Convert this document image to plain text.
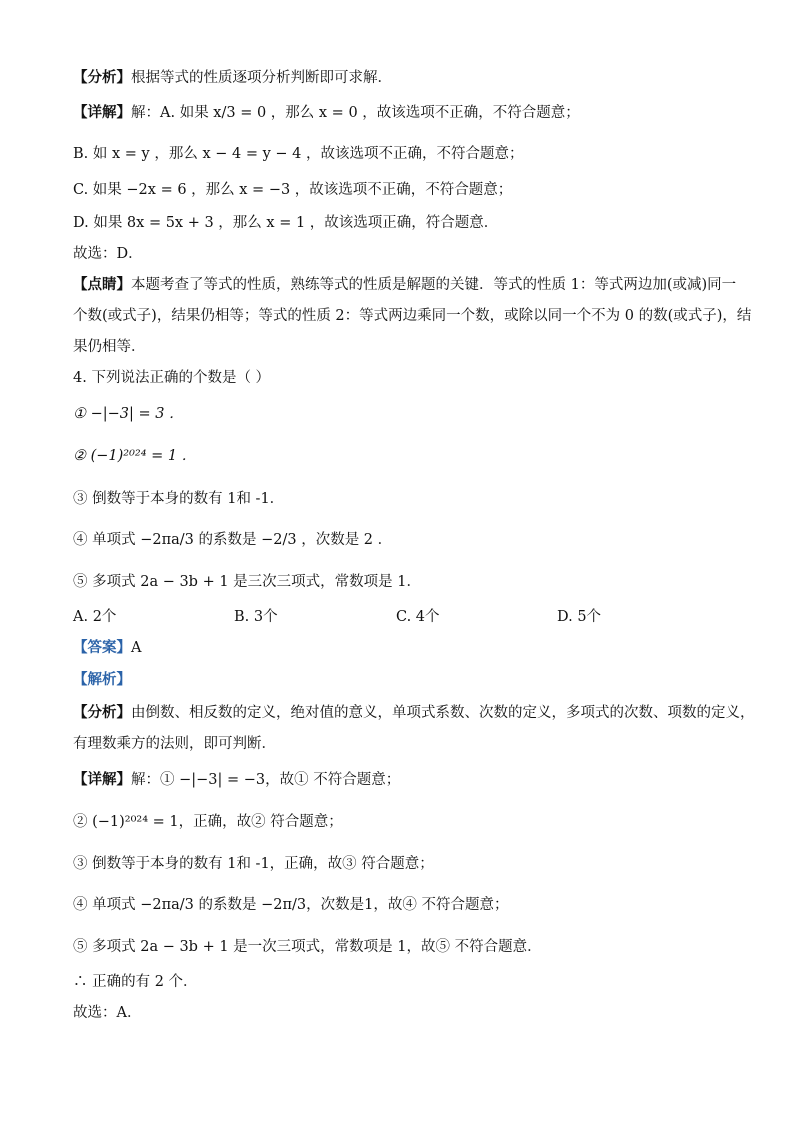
【分析】根据等式的性质逐项分析判断即可求解．
【详解】解：A. 如果 x/3 = 0 ，那么 x = 0 ，故该选项不正确，不符合题意；
B. 如 x = y ，那么 x − 4 = y − 4 ，故该选项不正确，不符合题意；
C. 如果 −2x = 6 ，那么 x = −3 ，故该选项不正确，不符合题意；
D. 如果 8x = 5x + 3 ，那么 x = 1 ，故该选项正确，符合题意．
故选：D．
【点睛】本题考查了等式的性质，熟练等式的性质是解题的关键．等式的性质 1：等式两边加(或减)同一
个数(或式子)，结果仍相等；等式的性质 2：等式两边乘同一个数，或除以同一个不为 0 的数(或式子)，结
果仍相等．
4. 下列说法正确的个数是（ ）
① −|−3| = 3 ．
② (−1)²⁰²⁴ = 1 ．
③ 倒数等于本身的数有 1和 -1．
④ 单项式 −2πa/3 的系数是 −2/3 ，次数是 2 ．
⑤ 多项式 2a − 3b + 1 是三次三项式，常数项是 1．
A. 2个	B. 3个	C. 4个	D. 5个
【答案】A
【解析】
【分析】由倒数、相反数的定义，绝对值的意义，单项式系数、次数的定义，多项式的次数、项数的定义，
有理数乘方的法则，即可判断．
【详解】解：① −|−3| = −3，故① 不符合题意；
② (−1)²⁰²⁴ = 1，正确，故② 符合题意；
③ 倒数等于本身的数有 1和 -1，正确，故③ 符合题意；
④ 单项式 −2πa/3 的系数是 −2π/3，次数是1，故④ 不符合题意；
⑤ 多项式 2a − 3b + 1 是一次三项式，常数项是 1，故⑤ 不符合题意．
∴ 正确的有 2 个．
故选：A．
